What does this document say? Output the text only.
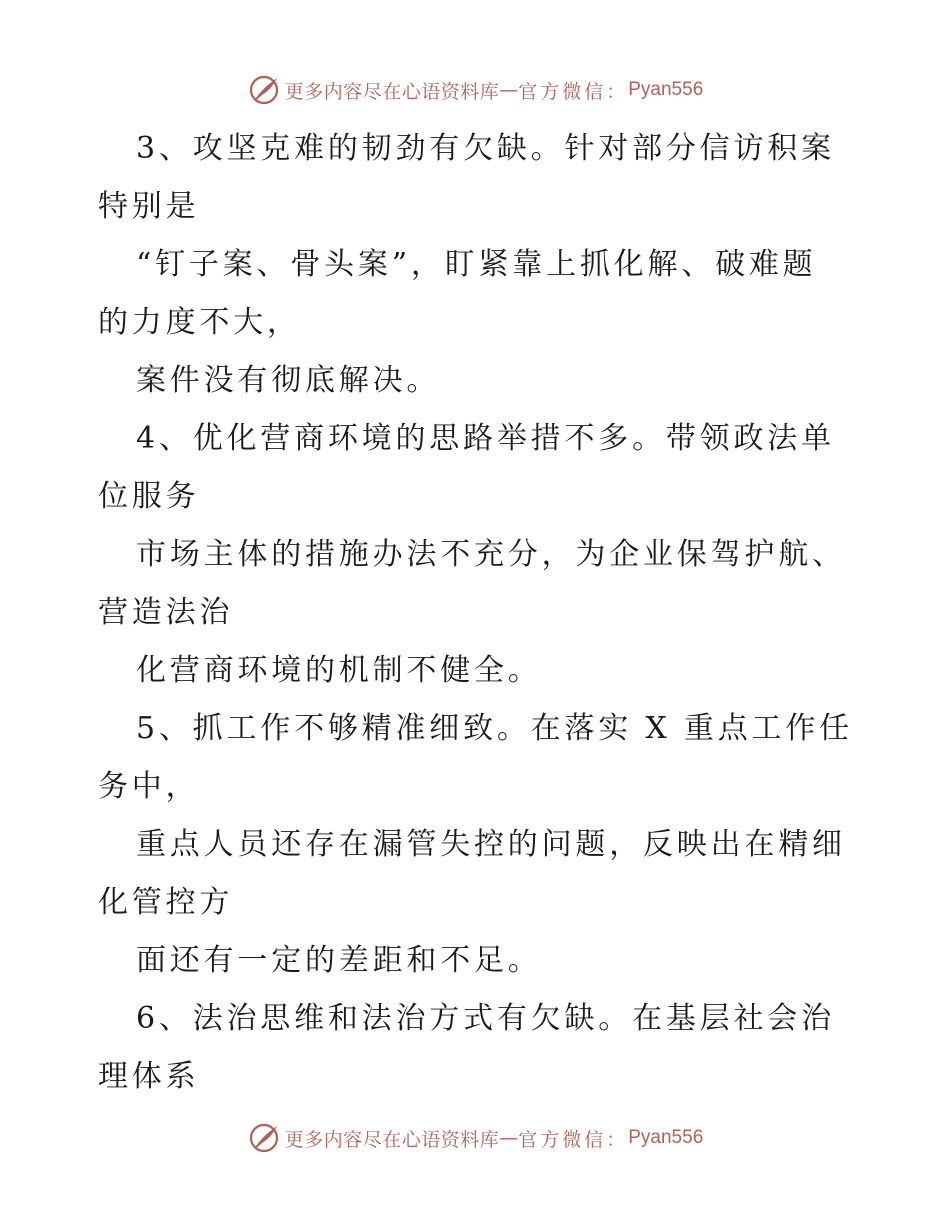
更多内容尽在心语资料库 — 官方微信： Pyan556
3、攻坚克难的韧劲有欠缺。针对部分信访积案
特别是
“钉子案、骨头案”，盯紧靠上抓化解、破难题
的力度不大，
案件没有彻底解决。
4、优化营商环境的思路举措不多。带领政法单
位服务
市场主体的措施办法不充分，为企业保驾护航、
营造法治
化营商环境的机制不健全。
5、抓工作不够精准细致。在落实 X 重点工作任
务中，
重点人员还存在漏管失控的问题，反映出在精细
化管控方
面还有一定的差距和不足。
6、法治思维和法治方式有欠缺。在基层社会治
理体系
更多内容尽在心语资料库 — 官方微信： Pyan556
